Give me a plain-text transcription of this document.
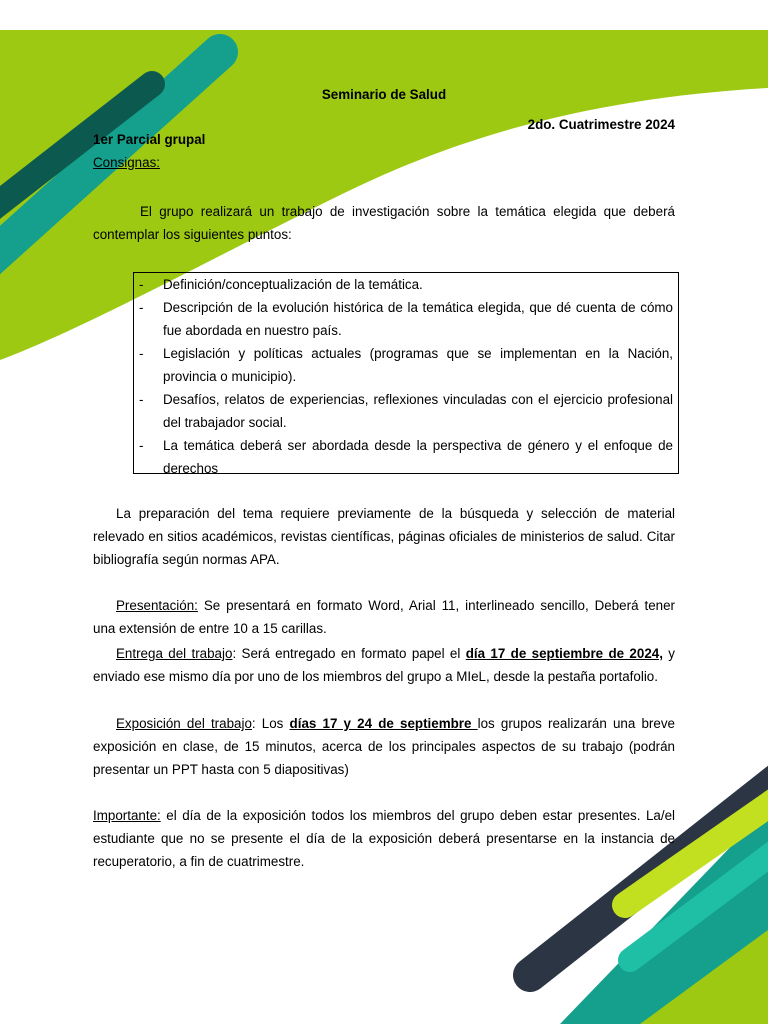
Seminario de Salud
2do. Cuatrimestre 2024
1er Parcial grupal
Consignas:
El grupo realizará un trabajo de investigación sobre la temática elegida que deberá contemplar los siguientes puntos:
- Definición/conceptualización de la temática.
- Descripción de la evolución histórica de la temática elegida, que dé cuenta de cómo fue abordada en nuestro país.
- Legislación y políticas actuales (programas que se implementan en la Nación, provincia o municipio).
- Desafíos, relatos de experiencias, reflexiones vinculadas con el ejercicio profesional del trabajador social.
- La temática deberá ser abordada desde la perspectiva de género y el enfoque de derechos
La preparación del tema requiere previamente de la búsqueda y selección de material relevado en sitios académicos, revistas científicas, páginas oficiales de ministerios de salud. Citar bibliografía según normas APA.
Presentación: Se presentará en formato Word, Arial 11, interlineado sencillo, Deberá tener una extensión de entre 10 a 15 carillas.
Entrega del trabajo: Será entregado en formato papel el día 17 de septiembre de 2024, y enviado ese mismo día por uno de los miembros del grupo a MIeL, desde la pestaña portafolio.
Exposición del trabajo: Los días 17 y 24 de septiembre los grupos realizarán una breve exposición en clase, de 15 minutos, acerca de los principales aspectos de su trabajo (podrán presentar un PPT hasta con 5 diapositivas)
Importante: el día de la exposición todos los miembros del grupo deben estar presentes. La/el estudiante que no se presente el día de la exposición deberá presentarse en la instancia de recuperatorio, a fin de cuatrimestre.
